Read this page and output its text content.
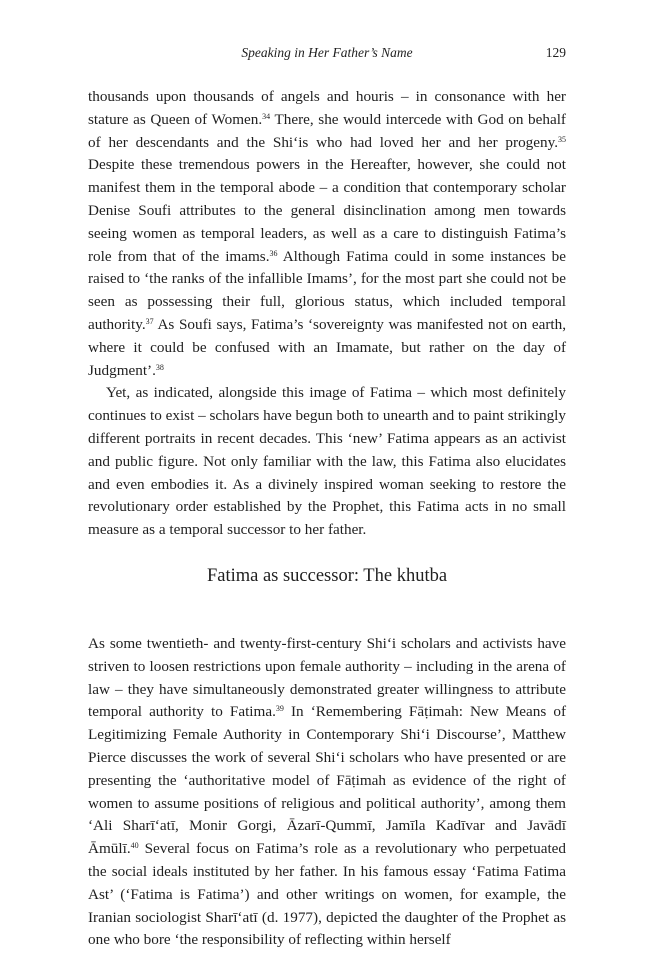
Speaking in Her Father’s Name	129

thousands upon thousands of angels and houris – in consonance with her stature as Queen of Women.$^{34}$ There, she would intercede with God on behalf of her descendants and the Shi‘is who had loved her and her progeny.$^{35}$ Despite these tremendous powers in the Hereafter, however, she could not manifest them in the temporal abode – a condition that contemporary scholar Denise Soufi attributes to the general disinclination among men towards seeing women as temporal leaders, as well as a care to distinguish Fatima’s role from that of the imams.$^{36}$ Although Fatima could in some instances be raised to ‘the ranks of the infallible Imams’, for the most part she could not be seen as possessing their full, glorious status, which included temporal authority.$^{37}$ As Soufi says, Fatima’s ‘sovereignty was manifested not on earth, where it could be confused with an Imamate, but rather on the day of Judgment’.$^{38}$

Yet, as indicated, alongside this image of Fatima – which most definitely continues to exist – scholars have begun both to unearth and to paint strikingly different portraits in recent decades. This ‘new’ Fatima appears as an activist and public figure. Not only familiar with the law, this Fatima also elucidates and even embodies it. As a divinely inspired woman seeking to restore the revolutionary order established by the Prophet, this Fatima acts in no small measure as a temporal successor to her father.

Fatima as successor: The khutba

As some twentieth- and twenty-first-century Shi‘i scholars and activists have striven to loosen restrictions upon female authority – including in the arena of law – they have simultaneously demonstrated greater willingness to attribute temporal authority to Fatima.$^{39}$ In ‘Remembering Fāṭimah: New Means of Legitimizing Female Authority in Contemporary Shi‘i Discourse’, Matthew Pierce discusses the work of several Shi‘i scholars who have presented or are presenting the ‘authoritative model of Fāṭimah as evidence of the right of women to assume positions of religious and political authority’, among them ‘Ali Sharī‘atī, Monir Gorgi, Āzarī-Qummī, Jamīla Kadīvar and Javādī Āmūlī.$^{40}$ Several focus on Fatima’s role as a revolutionary who perpetuated the social ideals instituted by her father. In his famous essay ‘Fatima Fatima Ast’ (‘Fatima is Fatima’) and other writings on women, for example, the Iranian sociologist Sharī‘atī (d. 1977), depicted the daughter of the Prophet as one who bore ‘the responsibility of reflecting within herself
